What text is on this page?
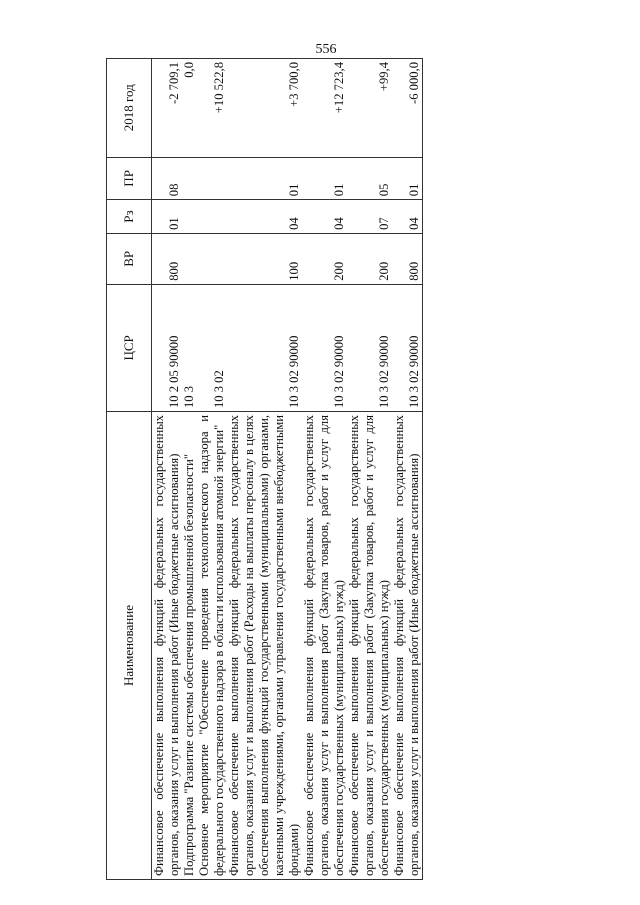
556
Наименование	ЦСР	ВР	Рз	ПР	2018 год
Финансовое обеспечение выполнения функций федеральных государственных органов, оказания услуг и выполнения работ (Иные бюджетные ассигнования)	10 2 05 90000	800	01	08	-2 709,1
Подпрограмма "Развитие системы обеспечения промышленной безопасности"	10 3				0,0
Основное мероприятие "Обеспечение проведения технологического надзора и федерального государственного надзора в области использования атомной энергии"	10 3 02				+10 522,8
Финансовое обеспечение выполнения функций федеральных государственных органов, оказания услуг и выполнения работ (Расходы на выплаты персоналу в целях обеспечения выполнения функций государственными (муниципальными) органами, казенными учреждениями, органами управления государственными внебюджетными фондами)	10 3 02 90000	100	04	01	+3 700,0
Финансовое обеспечение выполнения функций федеральных государственных органов, оказания услуг и выполнения работ (Закупка товаров, работ и услуг для обеспечения государственных (муниципальных) нужд)	10 3 02 90000	200	04	01	+12 723,4
Финансовое обеспечение выполнения функций федеральных государственных органов, оказания услуг и выполнения работ (Закупка товаров, работ и услуг для обеспечения государственных (муниципальных) нужд)	10 3 02 90000	200	07	05	+99,4
Финансовое обеспечение выполнения функций федеральных государственных органов, оказания услуг и выполнения работ (Иные бюджетные ассигнования)	10 3 02 90000	800	04	01	-6 000,0
